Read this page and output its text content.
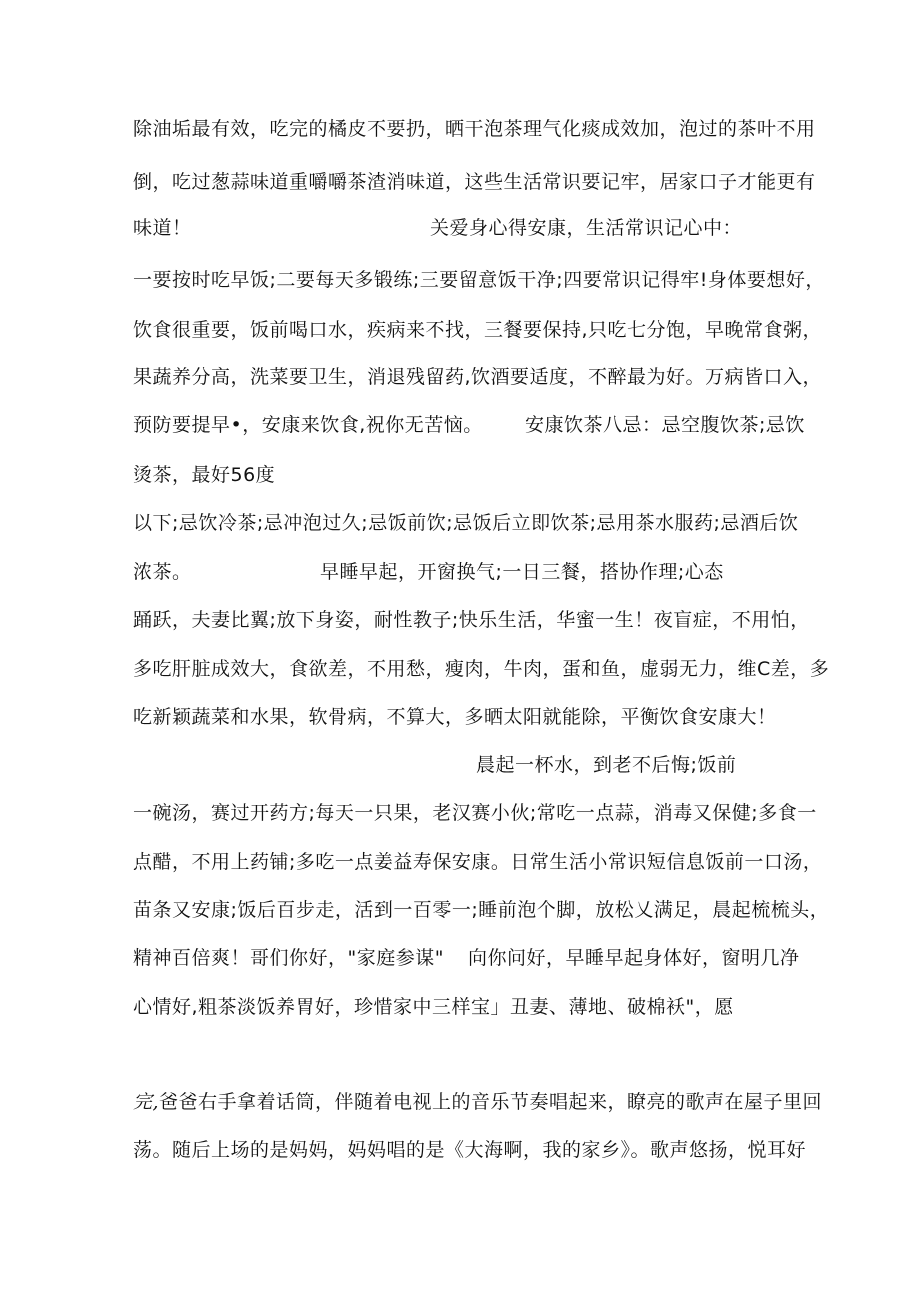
除油垢最有效，吃完的橘皮不要扔，晒干泡茶理气化痰成效加，泡过的茶叶不用
倒，吃过葱蒜味道重嚼嚼茶渣消味道，这些生活常识要记牢，居家口子才能更有
味道！	关爱身心得安康，生活常识记心中：
一要按时吃早饭;二要每天多锻练;三要留意饭干净;四要常识记得牢!身体要想好，
饮食很重要，饭前喝口水，疾病来不找，三餐要保持,只吃七分饱，早晚常食粥，
果蔬养分高，洗菜要卫生，消退残留药,饮酒要适度，不醉最为好。万病皆口入，
预防要提早•，安康来饮食,祝你无苦恼。 安康饮茶八忌：忌空腹饮茶;忌饮
烫茶，最好56度
以下;忌饮冷茶;忌冲泡过久;忌饭前饮;忌饭后立即饮茶;忌用茶水服药;忌酒后饮
浓茶。	早睡早起，开窗换气;一日三餐，搭协作理;心态
踊跃，夫妻比翼;放下身姿，耐性教子;快乐生活，华蜜一生！夜盲症，不用怕，
多吃肝脏成效大，食欲差，不用愁，瘦肉，牛肉，蛋和鱼，虚弱无力，维C差，多
吃新颖蔬菜和水果，软骨病，不算大，多晒太阳就能除，平衡饮食安康大！
晨起一杯水，到老不后悔;饭前
一碗汤，赛过开药方;每天一只果，老汉赛小伙;常吃一点蒜，消毒又保健;多食一
点醋，不用上药铺;多吃一点姜益寿保安康。日常生活小常识短信息饭前一口汤，
苗条又安康;饭后百步走，活到一百零一;睡前泡个脚，放松乂满足，晨起梳梳头，
精神百倍爽！哥们你好，"家庭参谋" 向你问好，早睡早起身体好，窗明几净
心情好,粗茶淡饭养胃好，珍惜家中三样宝」丑妻、薄地、破棉袄"，愿
完,爸爸右手拿着话筒，伴随着电视上的音乐节奏唱起来，瞭亮的歌声在屋子里回
荡。随后上场的是妈妈，妈妈唱的是《大海啊，我的家乡》。歌声悠扬，悦耳好
